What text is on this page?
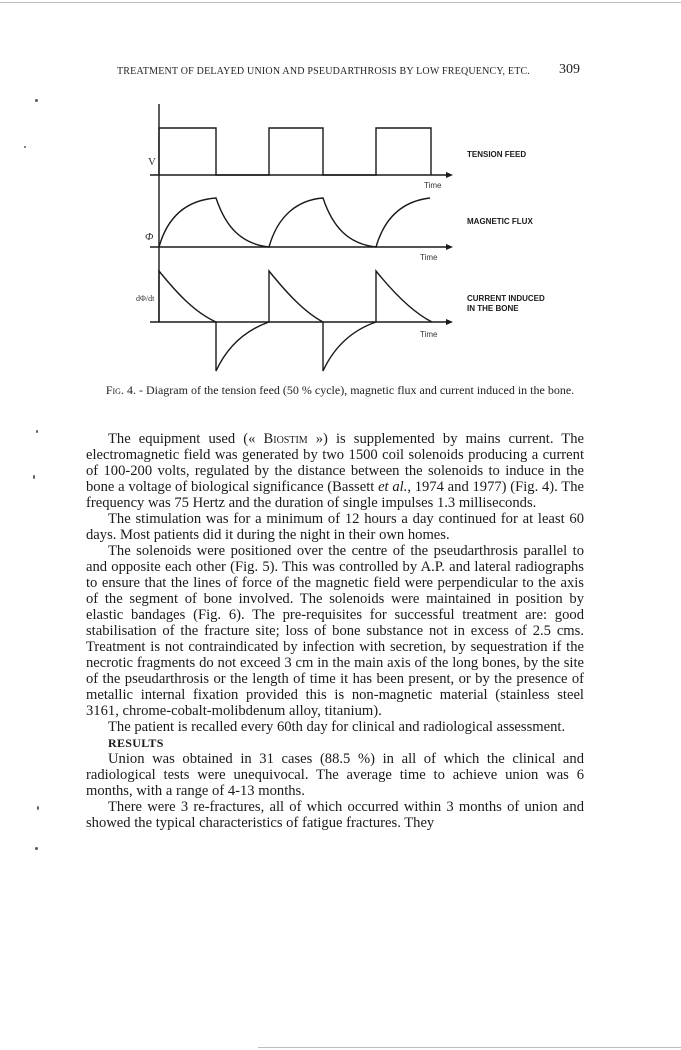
TREATMENT OF DELAYED UNION AND PSEUDARTHROSIS BY LOW FREQUENCY, ETC. 309
V
Φ
dΦ/dt
Time
Time
Time
TENSION FEED
MAGNETIC FLUX
CURRENT INDUCED
IN THE BONE
Fig. 4. - Diagram of the tension feed (50 % cycle), magnetic flux and current induced in the bone.

The equipment used (« Biostim ») is supplemented by mains current. The electromagnetic field was generated by two 1500 coil solenoids producing a current of 100-200 volts, regulated by the distance between the solenoids to induce in the bone a voltage of biological significance (Bassett et al., 1974 and 1977) (Fig. 4). The frequency was 75 Hertz and the duration of single impulses 1.3 milliseconds.

The stimulation was for a minimum of 12 hours a day continued for at least 60 days. Most patients did it during the night in their own homes.

The solenoids were positioned over the centre of the pseudarthrosis parallel to and opposite each other (Fig. 5). This was controlled by A.P. and lateral radiographs to ensure that the lines of force of the magnetic field were perpendicular to the axis of the segment of bone involved. The solenoids were maintained in position by elastic bandages (Fig. 6). The pre-requisites for successful treatment are: good stabilisation of the fracture site; loss of bone substance not in excess of 2.5 cms. Treatment is not contraindicated by infection with secretion, by sequestration if the necrotic fragments do not exceed 3 cm in the main axis of the long bones, by the site of the pseudarthrosis or the length of time it has been present, or by the presence of metallic internal fixation provided this is non-magnetic material (stainless steel 3161, chrome-cobalt-molibdenum alloy, titanium).

The patient is recalled every 60th day for clinical and radiological assessment.

RESULTS

Union was obtained in 31 cases (88.5 %) in all of which the clinical and radiological tests were unequivocal. The average time to achieve union was 6 months, with a range of 4-13 months.

There were 3 re-fractures, all of which occurred within 3 months of union and showed the typical characteristics of fatigue fractures. They
